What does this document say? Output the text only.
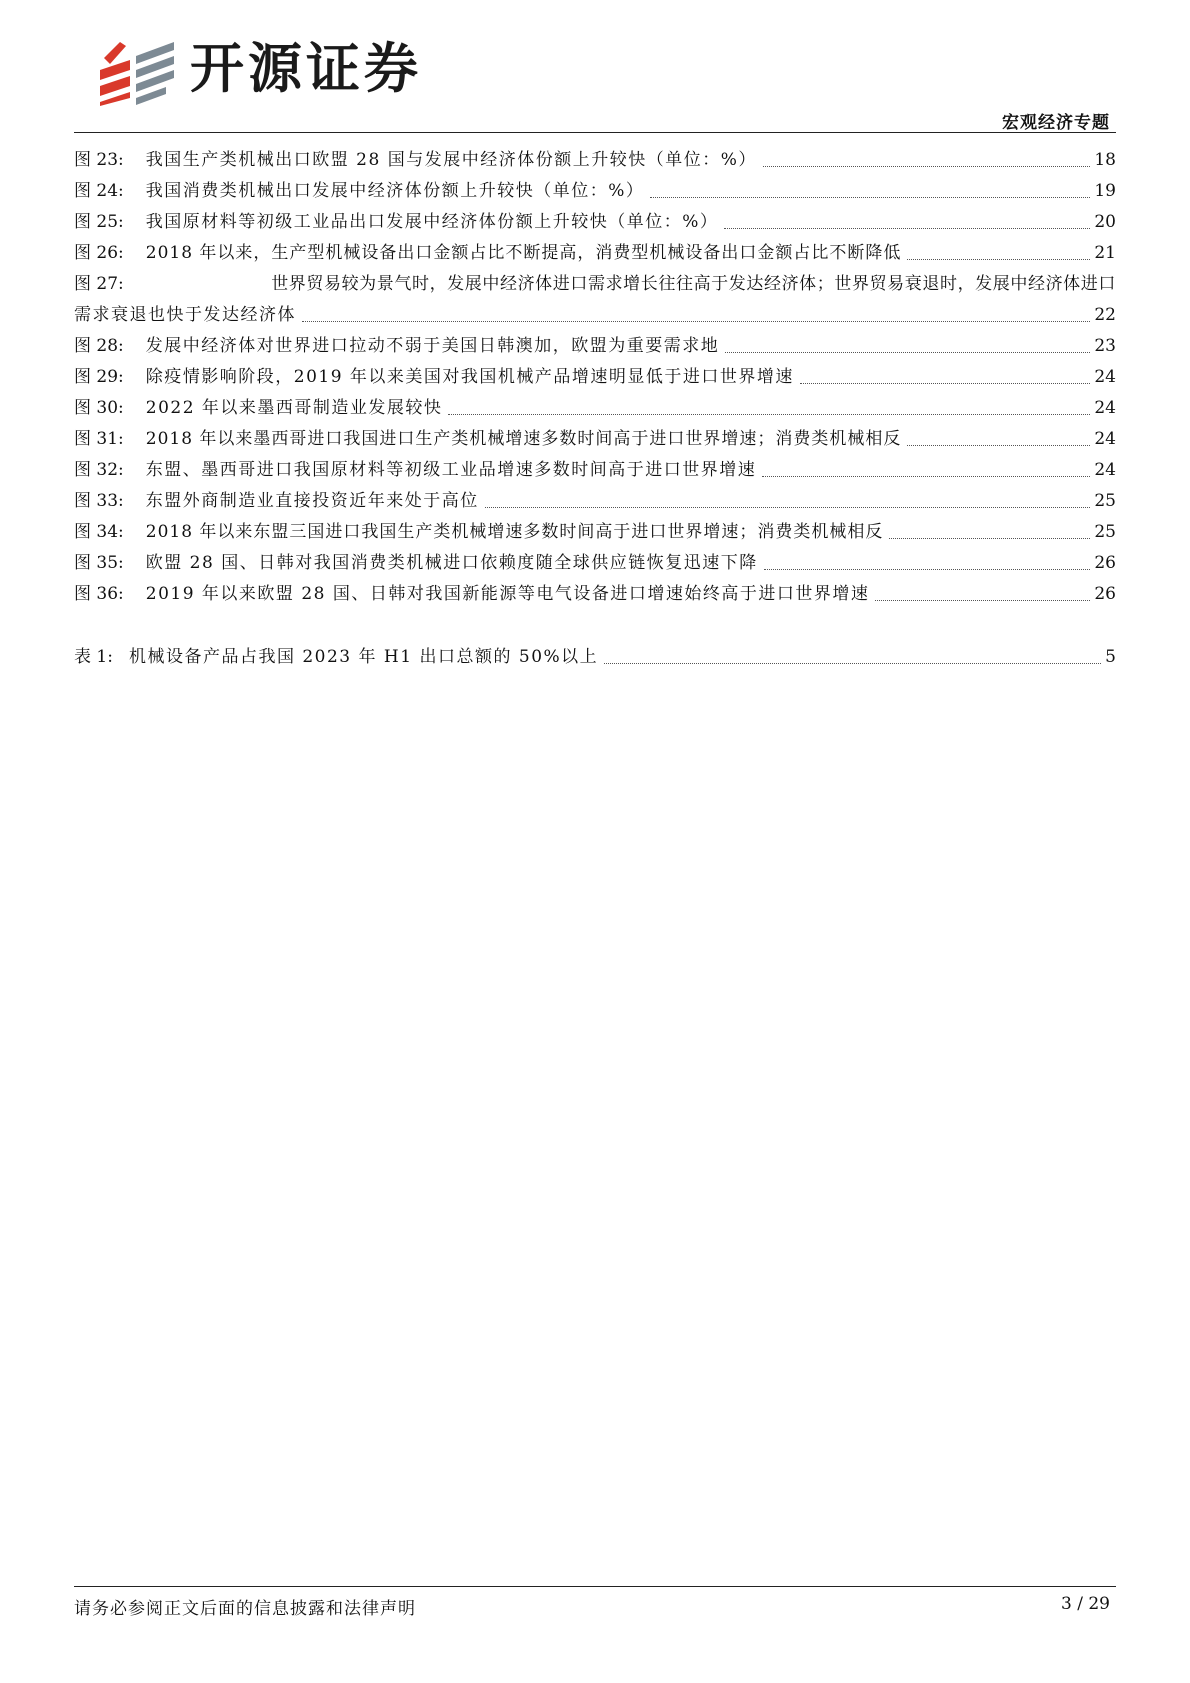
开源证券
宏观经济专题
图 23:	我国生产类机械出口欧盟 28 国与发展中经济体份额上升较快（单位：%）	18
图 24:	我国消费类机械出口发展中经济体份额上升较快（单位：%）	19
图 25:	我国原材料等初级工业品出口发展中经济体份额上升较快（单位：%）	20
图 26:	2018 年以来，生产型机械设备出口金额占比不断提高，消费型机械设备出口金额占比不断降低	21
图 27:	世界贸易较为景气时，发展中经济体进口需求增长往往高于发达经济体；世界贸易衰退时，发展中经济体进口
需求衰退也快于发达经济体	22
图 28:	发展中经济体对世界进口拉动不弱于美国日韩澳加，欧盟为重要需求地	23
图 29:	除疫情影响阶段，2019 年以来美国对我国机械产品增速明显低于进口世界增速	24
图 30:	2022 年以来墨西哥制造业发展较快	24
图 31:	2018 年以来墨西哥进口我国进口生产类机械增速多数时间高于进口世界增速；消费类机械相反	24
图 32:	东盟、墨西哥进口我国原材料等初级工业品增速多数时间高于进口世界增速	24
图 33:	东盟外商制造业直接投资近年来处于高位	25
图 34:	2018 年以来东盟三国进口我国生产类机械增速多数时间高于进口世界增速；消费类机械相反	25
图 35:	欧盟 28 国、日韩对我国消费类机械进口依赖度随全球供应链恢复迅速下降	26
图 36:	2019 年以来欧盟 28 国、日韩对我国新能源等电气设备进口增速始终高于进口世界增速	26
表 1: 机械设备产品占我国 2023 年 H1 出口总额的 50%以上	5
请务必参阅正文后面的信息披露和法律声明	3 / 29
